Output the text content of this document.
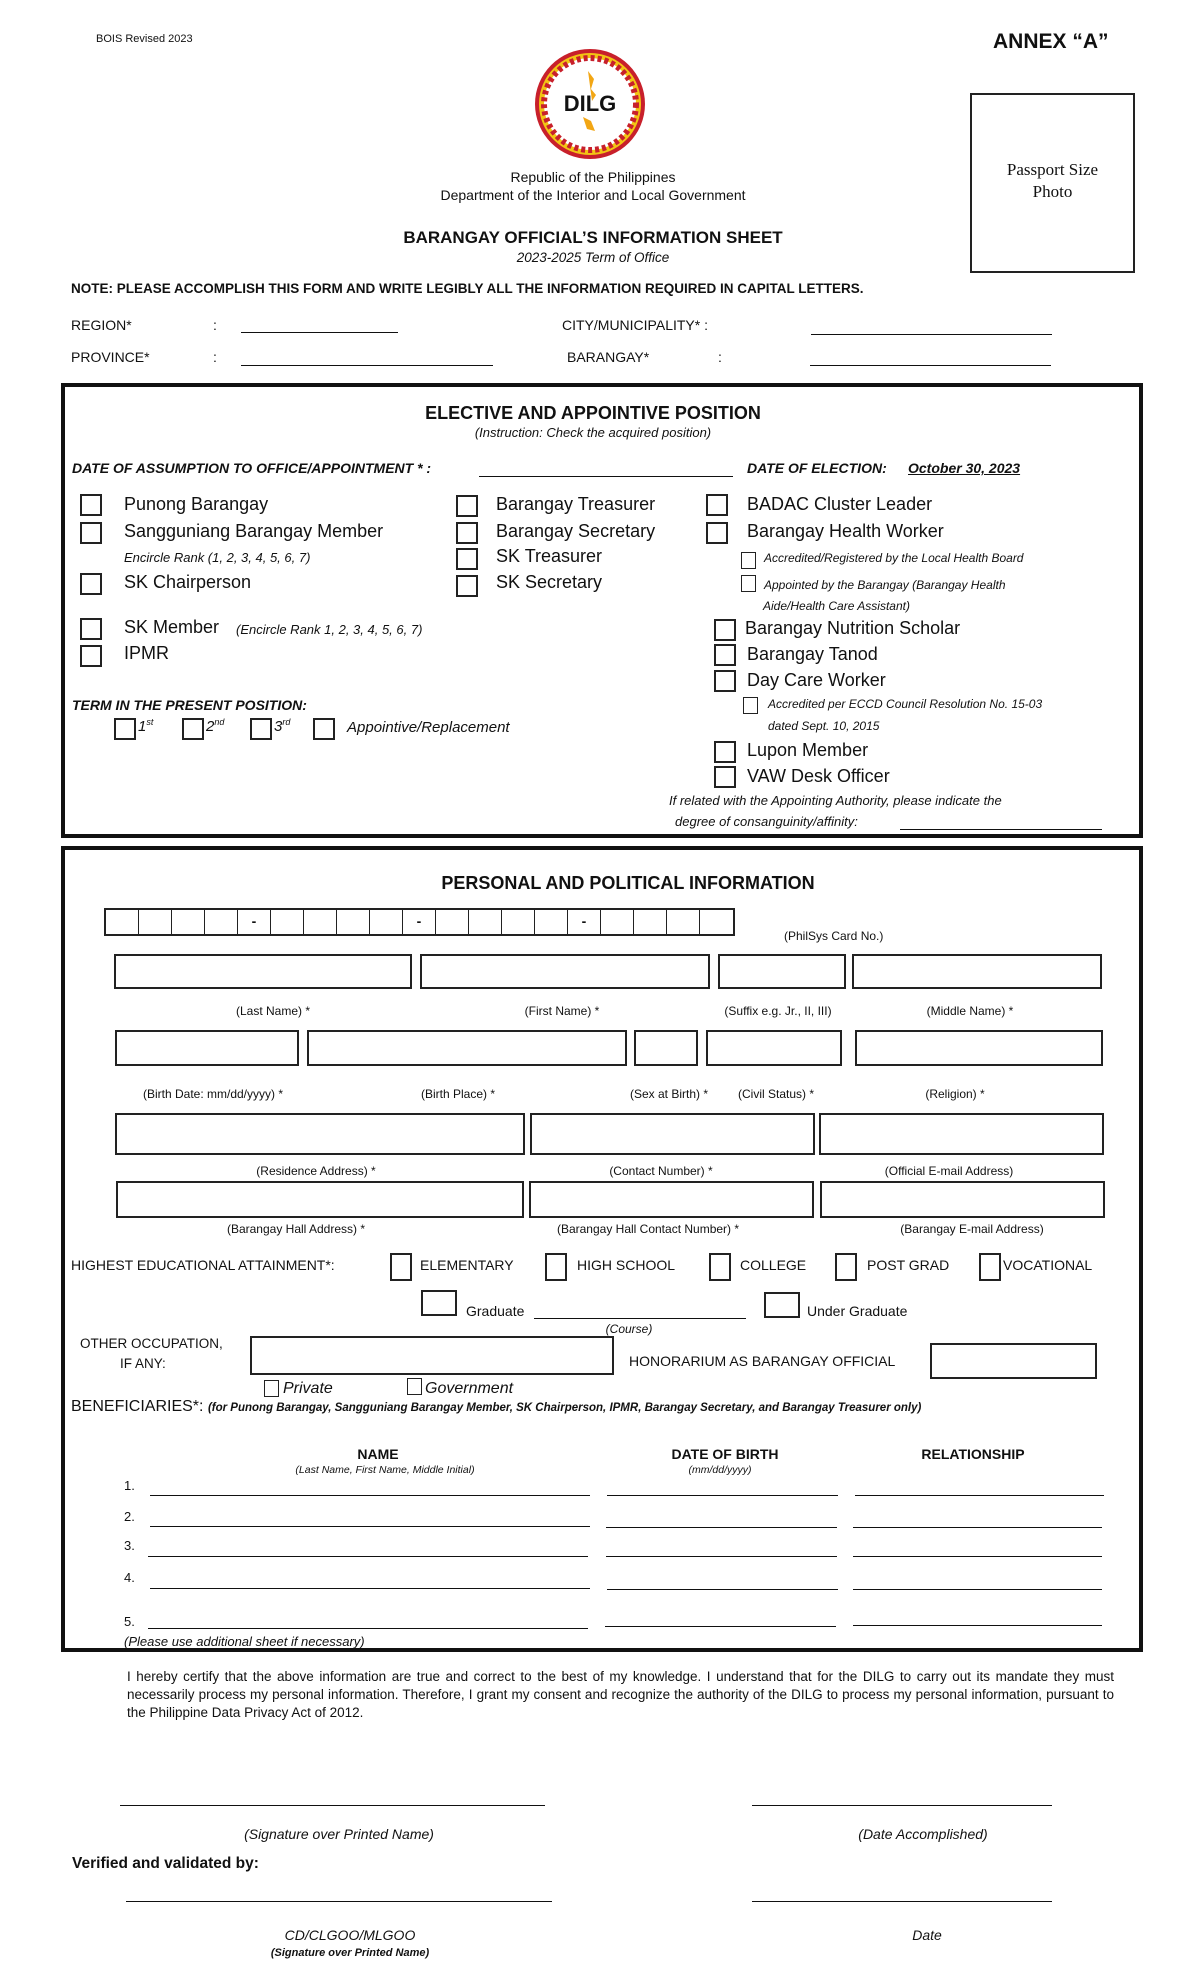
BOIS Revised 2023	ANNEX “A”
DILG
Passport Size
Photo
Republic of the Philippines
Department of the Interior and Local Government
BARANGAY OFFICIAL’S INFORMATION SHEET
2023-2025 Term of Office
NOTE: PLEASE ACCOMPLISH THIS FORM AND WRITE LEGIBLY ALL THE INFORMATION REQUIRED IN CAPITAL LETTERS.
REGION*	:
PROVINCE*	:
CITY/MUNICIPALITY* :
BARANGAY*	:
ELECTIVE AND APPOINTIVE POSITION
(Instruction: Check the acquired position)
DATE OF ASSUMPTION TO OFFICE/APPOINTMENT * :	DATE OF ELECTION: October 30, 2023
Punong Barangay
Sangguniang Barangay Member
Encircle Rank (1, 2, 3, 4, 5, 6, 7)
SK Chairperson
SK Member (Encircle Rank 1, 2, 3, 4, 5, 6, 7)
IPMR
Barangay Treasurer
Barangay Secretary
SK Treasurer
SK Secretary
BADAC Cluster Leader
Barangay Health Worker
Accredited/Registered by the Local Health Board
Appointed by the Barangay (Barangay Health
Aide/Health Care Assistant)
Barangay Nutrition Scholar
Barangay Tanod
Day Care Worker
Accredited per ECCD Council Resolution No. 15-03
dated Sept. 10, 2015
Lupon Member
VAW Desk Officer
If related with the Appointing Authority, please indicate the
degree of consanguinity/affinity:
TERM IN THE PRESENT POSITION:
1st	2nd	3rd	Appointive/Replacement
PERSONAL AND POLITICAL INFORMATION
-	-	-
(PhilSys Card No.)
(Last Name) *	(First Name) *	(Suffix e.g. Jr., II, III)	(Middle Name) *
(Birth Date: mm/dd/yyyy) *	(Birth Place) *	(Sex at Birth) * (Civil Status) *	(Religion) *
(Residence Address) *	(Contact Number) *	(Official E-mail Address)
(Barangay Hall Address) *	(Barangay Hall Contact Number) *	(Barangay E-mail Address)
HIGHEST EDUCATIONAL ATTAINMENT*:	ELEMENTARY	HIGH SCHOOL	COLLEGE	POST GRAD	VOCATIONAL
Graduate
(Course)
Under Graduate
OTHER OCCUPATION,
IF ANY:
Private	Government
HONORARIUM AS BARANGAY OFFICIAL
BENEFICIARIES*: (for Punong Barangay, Sangguniang Barangay Member, SK Chairperson, IPMR, Barangay Secretary, and Barangay Treasurer only)
NAME
(Last Name, First Name, Middle Initial)
DATE OF BIRTH
(mm/dd/yyyy)
RELATIONSHIP
1.
2.
3.
4.
5.
(Please use additional sheet if necessary)
I hereby certify that the above information are true and correct to the best of my knowledge. I understand that for the DILG to carry out its mandate they must necessarily process my personal information. Therefore, I grant my consent and recognize the authority of the DILG to process my personal information, pursuant to the Philippine Data Privacy Act of 2012.
(Signature over Printed Name)	(Date Accomplished)
Verified and validated by:
CD/CLGOO/MLGOO
(Signature over Printed Name)
Date
